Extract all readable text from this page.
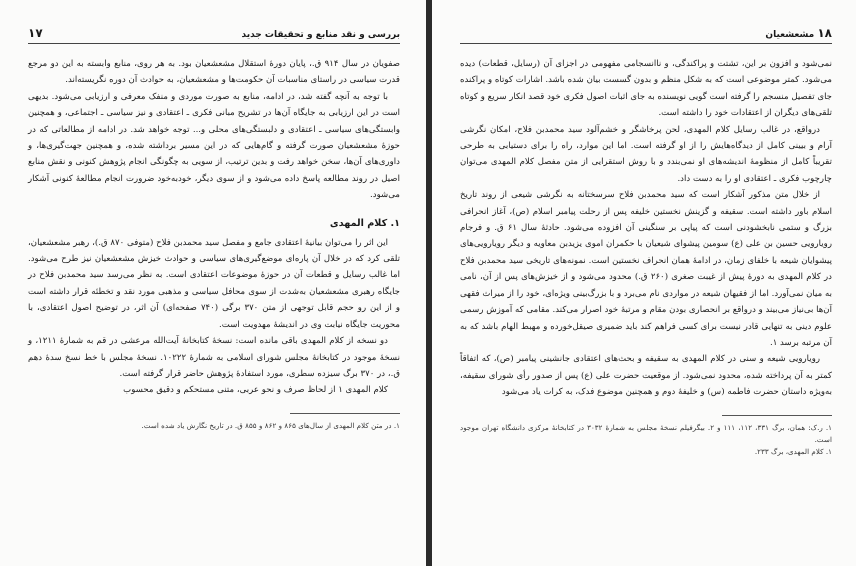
بررسی و نقد منابع و تحقیقات جدید
۱۷

صفویان در سال ۹۱۴ ق.، پایان دورهٔ استقلال مشعشعیان بود. به هر روی، منابع وابسته به این دو مرجع قدرت سیاسی در راستای مناسبات آن حکومت‌ها و مشعشعیان، به حوادث آن دوره نگریسته‌اند.

با توجه به آنچه گفته شد، در ادامه، منابع به صورت موردی و منفک معرفی و ارزیابی می‌شود. بدیهی است در این ارزیابی به جایگاه آن‌ها در تشریح مبانی فکری ـ اعتقادی و نیز سیاسی ـ اجتماعی، و همچنین وابستگی‌های سیاسی ـ اعتقادی و دلبستگی‌های محلی و... توجه خواهد شد. در ادامه از مطالعاتی که در حوزهٔ مشعشعیان صورت گرفته و گام‌هایی که در این مسیر برداشته شده، و همچنین جهت‌گیری‌ها، و داوری‌های آن‌ها، سخن خواهد رفت و بدین ترتیب، از سویی به چگونگی انجام پژوهش کنونی و نقش منابع اصیل در روند مطالعه پاسخ داده می‌شود و از سوی دیگر، خودبه‌خود ضرورت انجام مطالعهٔ کنونی آشکار می‌شود.

۱. کلام المهدی

این اثر را می‌توان بیانیهٔ اعتقادی جامع و مفصل سید محمدبن فلاح (متوفی ۸۷۰ ق.)، رهبر مشعشعیان، تلقی کرد که در خلال آن پاره‌ای موضع‌گیری‌های سیاسی و حوادث خیزش مشعشعیان نیز طرح می‌شود. اما غالب رسایل و قطعات آن در حوزهٔ موضوعات اعتقادی است. به نظر می‌رسد سید محمدبن فلاح در جایگاه رهبری مشعشعیان به‌شدت از سوی محافل سیاسی و مذهبی مورد نقد و تخطئه قرار داشته است و از این رو حجم قابل توجهی از متن ۳۷۰ برگی (۷۴۰ صفحه‌ای) آن اثر، در توضیح اصول اعتقادی، با محوریت جایگاه نیابت وی در اندیشهٔ مهدویت است.

دو نسخه از کلام المهدی باقی مانده است: نسخهٔ کتابخانهٔ آیت‌الله مرعشی در قم به شمارهٔ ۱۲۱۱، و نسخهٔ موجود در کتابخانهٔ مجلس شورای اسلامی به شمارهٔ ۱۰۲۲۲. نسخهٔ مجلس با خط نسخ سدهٔ دهم ق.، در ۳۷۰ برگ سیزده سطری، مورد استفادهٔ پژوهش حاضر قرار گرفته است.

کلام المهدی ۱ از لحاظ صرف و نحو عربی، متنی مستحکم و دقیق محسوب

۱. در متن کلام المهدی از سال‌های ۸۶۵ و ۸۶۲ و ۸۵۵ ق. در تاریخ نگارش یاد شده است.

۱۸ مشعشعیان

نمی‌شود و افزون بر این، تشتت و پراکندگی، و ناانسجامی مفهومی در اجزای آن (رسایل، قطعات) دیده می‌شود. کمتر موضوعی است که به شکل منظم و بدون گسست بیان شده باشد. اشارات کوتاه و پراکنده جای تفصیل منسجم را گرفته است گویی نویسنده به جای اثبات اصول فکری خود قصد انکار سریع و کوتاه تلقی‌های دیگران از اعتقادات خود را داشته است.

درواقع، در غالب رسایل کلام المهدی، لحن پرخاشگر و خشم‌آلود سید محمدبن فلاح، امکان نگرشی آرام و بیینی کامل از دیدگاه‌هایش را از او گرفته است. اما این موارد، راه را برای دستیابی به طرحی تقریباً کامل از منظومهٔ اندیشه‌های او نمی‌بندد و با روش استقرایی از متن مفصل کلام المهدی می‌توان چارچوب فکری ـ اعتقادی او را به دست داد.

از خلال متن مذکور آشکار است که سید محمدبن فلاح سرسختانه به نگرشی شیعی از روند تاریخ اسلام باور داشته است. سقیفه و گزینش نخستین خلیفه پس از رحلت پیامبر اسلام (ص)، آغاز انحرافی بزرگ و ستمی نابخشودنی است که پیاپی بر سنگینی آن افزوده می‌شود. حادثهٔ سال ۶۱ ق. و فرجام رویارویی حسین بن علی (ع) سومین پیشوای شیعیان با حکمران اموی یزیدبن معاویه و دیگر رویارویی‌های پیشوایان شیعه با خلفای زمان، در ادامهٔ همان انحراف نخستین است. نمونه‌های تاریخی سید محمدبن فلاح در کلام المهدی به دورهٔ پیش از غیبت صغری (۲۶۰ ق.) محدود می‌شود و از خیزش‌های پس از آن، نامی به میان نمی‌آورد. اما از فقیهان شیعه در مواردی نام می‌برد و با بزرگ‌بینی ویژه‌ای، خود را از میراث فقهی آن‌ها بی‌نیاز می‌بیند و درواقع بر انحصاری بودن مقام و مرتبهٔ خود اصرار می‌کند. مقامی که آموزش رسمی علوم دینی به تنهایی قادر نیست برای کسی فراهم کند باید ضمیری صیقل‌خورده و مهبط الهام باشد که به آن مرتبه برسد ۱.

رویارویی شیعه و سنی در کلام المهدی به سقیفه و بحث‌های اعتقادی جانشینی پیامبر (ص)، که اتفاقاً کمتر به آن پرداخته شده، محدود نمی‌شود. از موقعیت حضرت علی (ع) پس از صدور رأی شورای سقیفه، به‌ویژه داستان حضرت فاطمه (س) و خلیفهٔ دوم و همچنین موضوع فدک، به کرات یاد می‌شود

۱. ر.ک: همان، برگ ۳۳۱، ۱۱۲، ۱۱۱ و ۲. بیگرفیلم نسخهٔ مجلس به شمارهٔ ۳۰۳۲ در کتابخانهٔ مرکزی دانشگاه تهران موجود است.

۱. کلام المهدی، برگ ۲۳۳.
